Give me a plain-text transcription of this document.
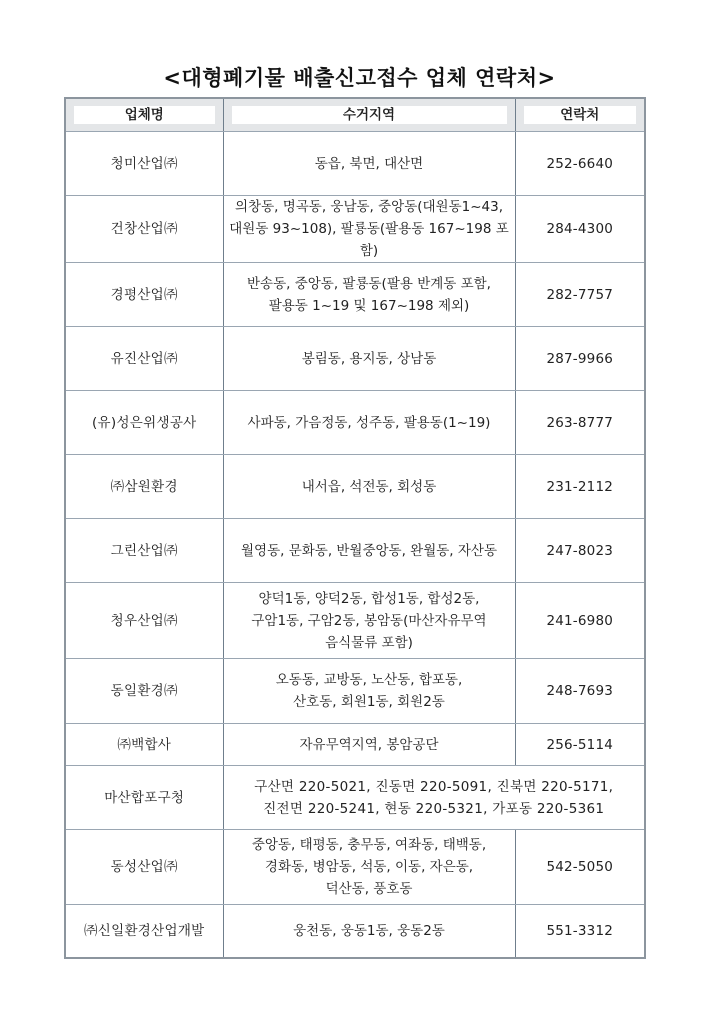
<대형폐기물 배출신고접수 업체 연락처>
업체명	수거지역	연락처

청미산업㈜	동읍, 북면, 대산면	252-6640
건창산업㈜	의창동, 명곡동, 웅남동, 중앙동(대원동1~43,
대원동 93~108), 팔룡동(팔용동 167~198 포함)	284-4300
경평산업㈜	반송동, 중앙동, 팔룡동(팔용 반계동 포함,
팔용동 1~19 및 167~198 제외)	282-7757
유진산업㈜	봉림동, 용지동, 상남동	287-9966
(유)성은위생공사	사파동, 가음정동, 성주동, 팔용동(1~19)	263-8777
㈜삼원환경	내서읍, 석전동, 회성동	231-2112
그린산업㈜	월영동, 문화동, 반월중앙동, 완월동, 자산동	247-8023
청우산업㈜	양덕1동, 양덕2동, 합성1동, 합성2동,
구암1동, 구암2동, 봉암동(마산자유무역
음식물류 포함)	241-6980
동일환경㈜	오동동, 교방동, 노산동, 합포동,
산호동, 회원1동, 회원2동	248-7693
㈜백합사	자유무역지역, 봉암공단	256-5114
마산합포구청	구산면 220-5021, 진동면 220-5091, 진북면 220-5171,
진전면 220-5241, 현동 220-5321, 가포동 220-5361	

동성산업㈜	중앙동, 태평동, 충무동, 여좌동, 태백동,
경화동, 병암동, 석동, 이동, 자은동,
덕산동, 풍호동	542-5050
㈜신일환경산업개발	웅천동, 웅동1동, 웅동2동	551-3312
